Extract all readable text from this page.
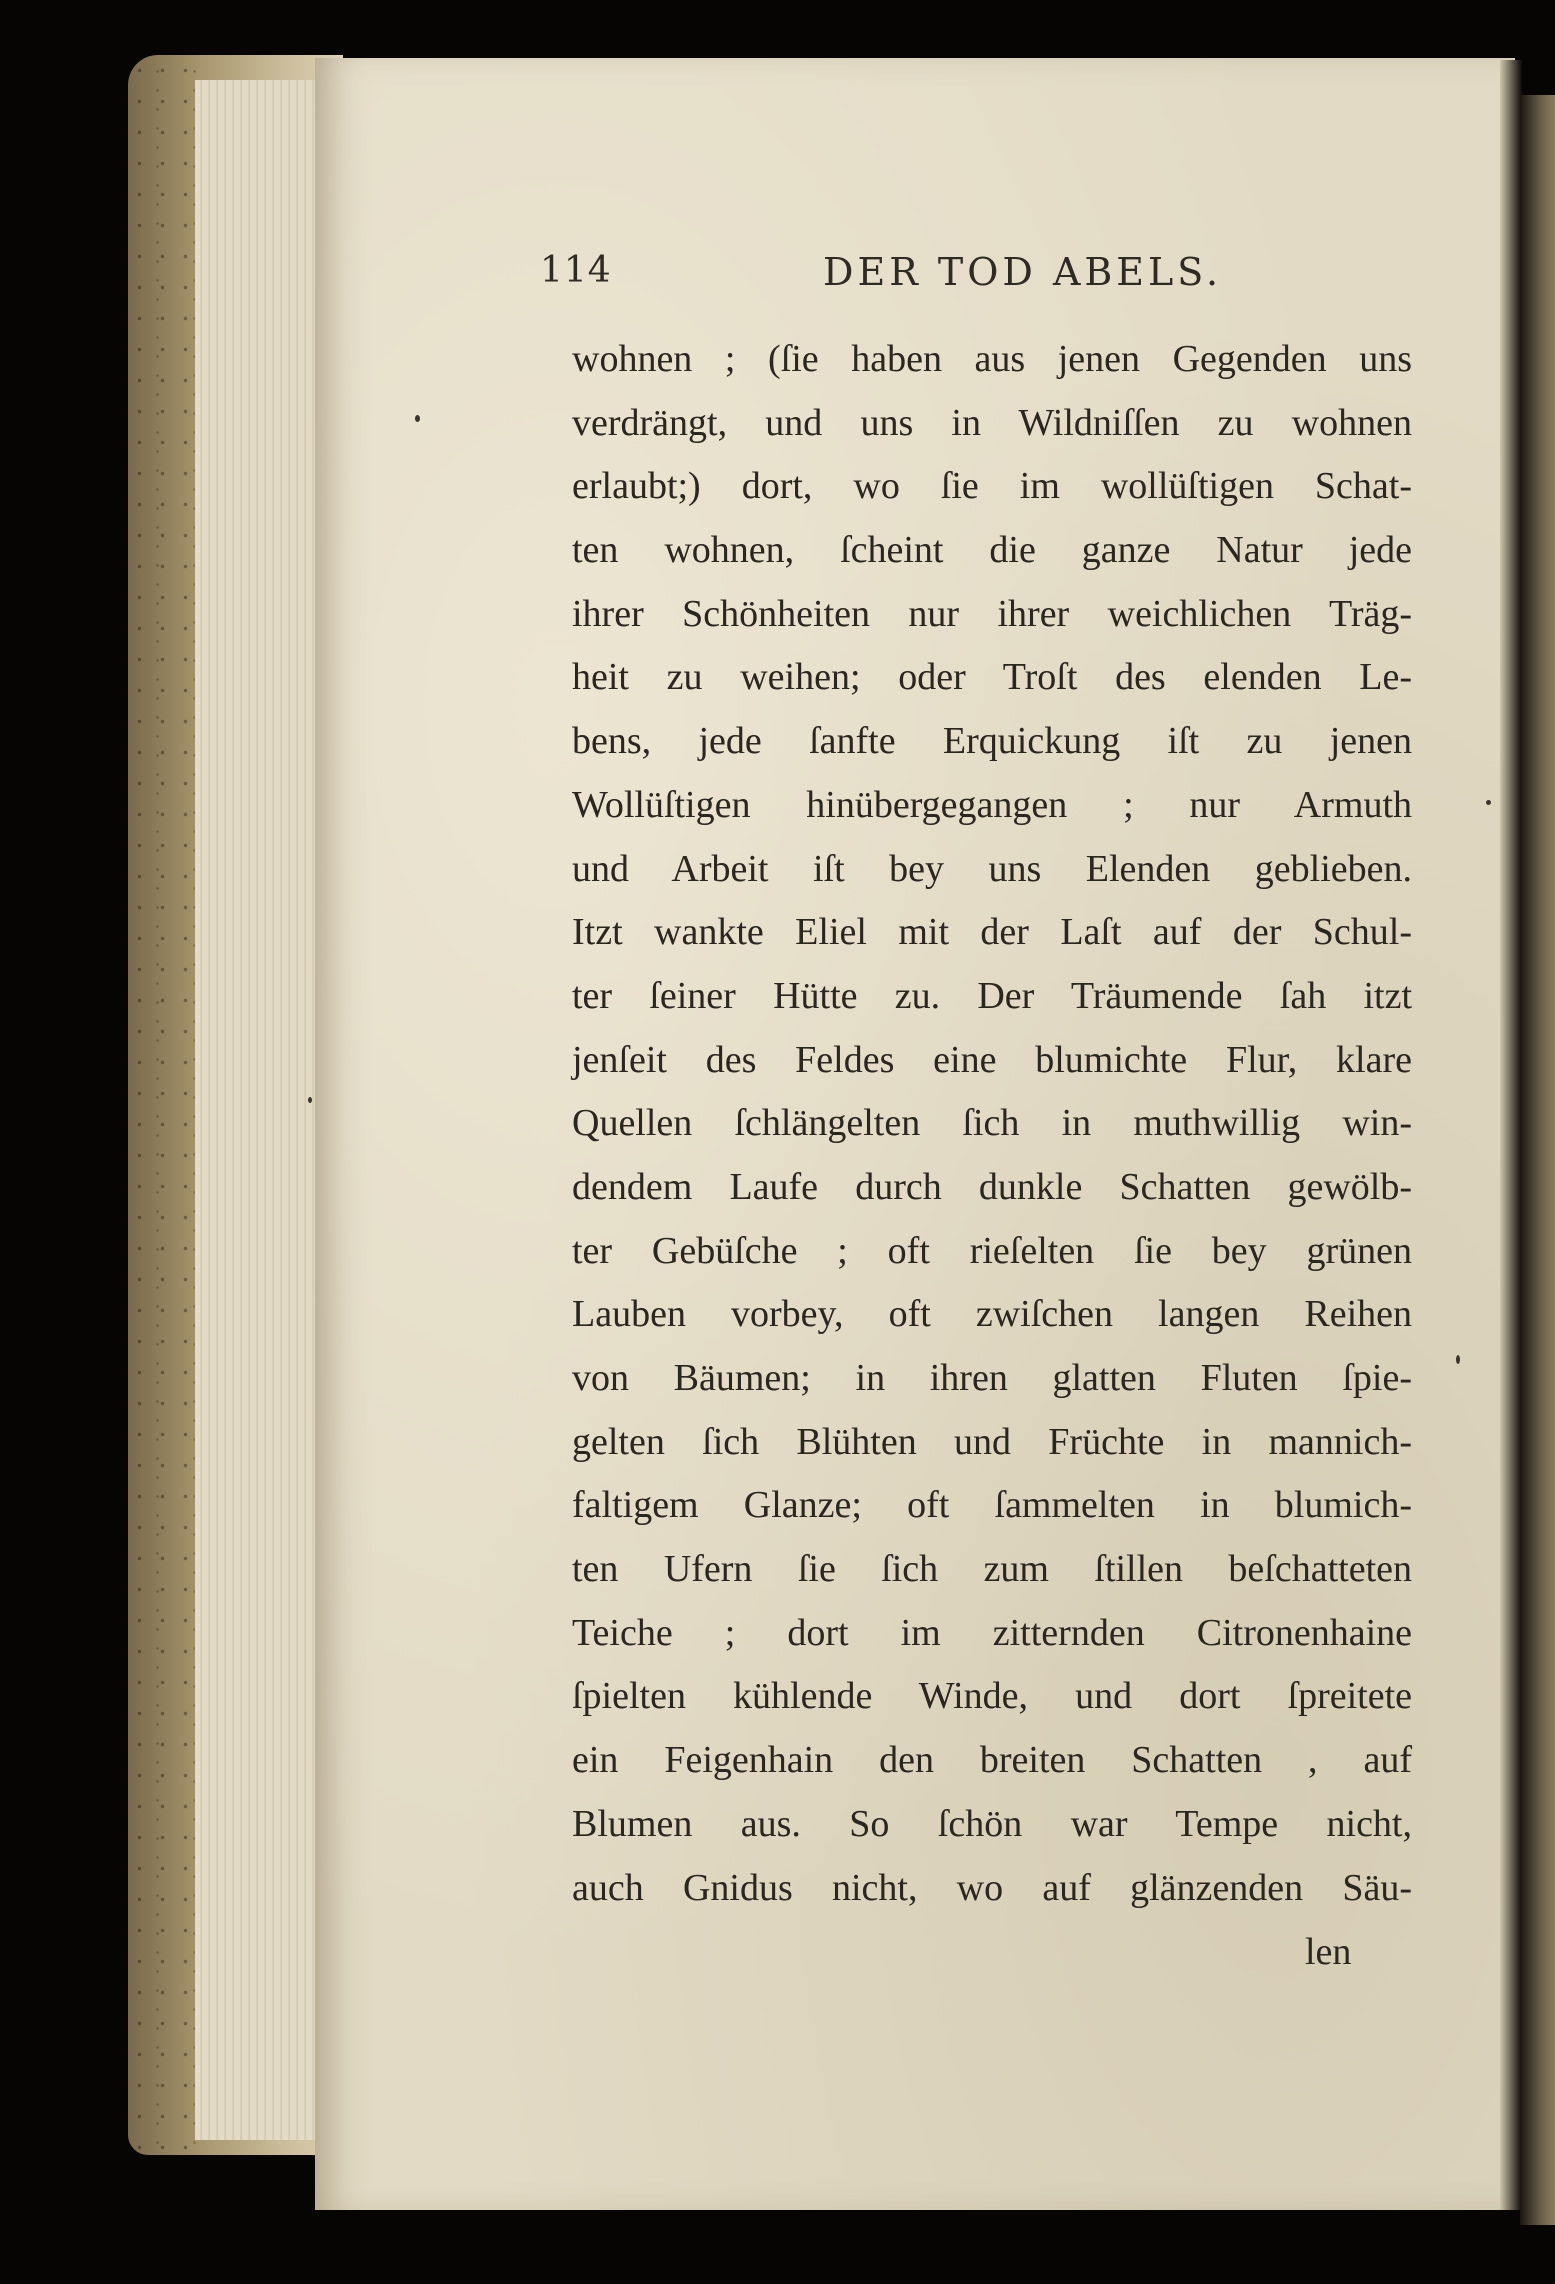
114	DER TOD ABELS.
wohnen ; (ſie haben aus jenen Gegenden uns
verdrängt, und uns in Wildniſſen zu wohnen
erlaubt;) dort, wo ſie im wollüſtigen Schat-
ten wohnen, ſcheint die ganze Natur jede
ihrer Schönheiten nur ihrer weichlichen Träg-
heit zu weihen; oder Troſt des elenden Le-
bens, jede ſanfte Erquickung iſt zu jenen
Wollüſtigen hinübergegangen ; nur Armuth
und Arbeit iſt bey uns Elenden geblieben.
Itzt wankte Eliel mit der Laſt auf der Schul-
ter ſeiner Hütte zu. Der Träumende ſah itzt
jenſeit des Feldes eine blumichte Flur, klare
Quellen ſchlängelten ſich in muthwillig win-
dendem Laufe durch dunkle Schatten gewölb-
ter Gebüſche ; oft rieſelten ſie bey grünen
Lauben vorbey, oft zwiſchen langen Reihen
von Bäumen; in ihren glatten Fluten ſpie-
gelten ſich Blühten und Früchte in mannich-
faltigem Glanze; oft ſammelten in blumich-
ten Ufern ſie ſich zum ſtillen beſchatteten
Teiche ; dort im zitternden Citronenhaine
ſpielten kühlende Winde, und dort ſpreitete
ein Feigenhain den breiten Schatten , auf
Blumen aus. So ſchön war Tempe nicht,
auch Gnidus nicht, wo auf glänzenden Säu-
len
